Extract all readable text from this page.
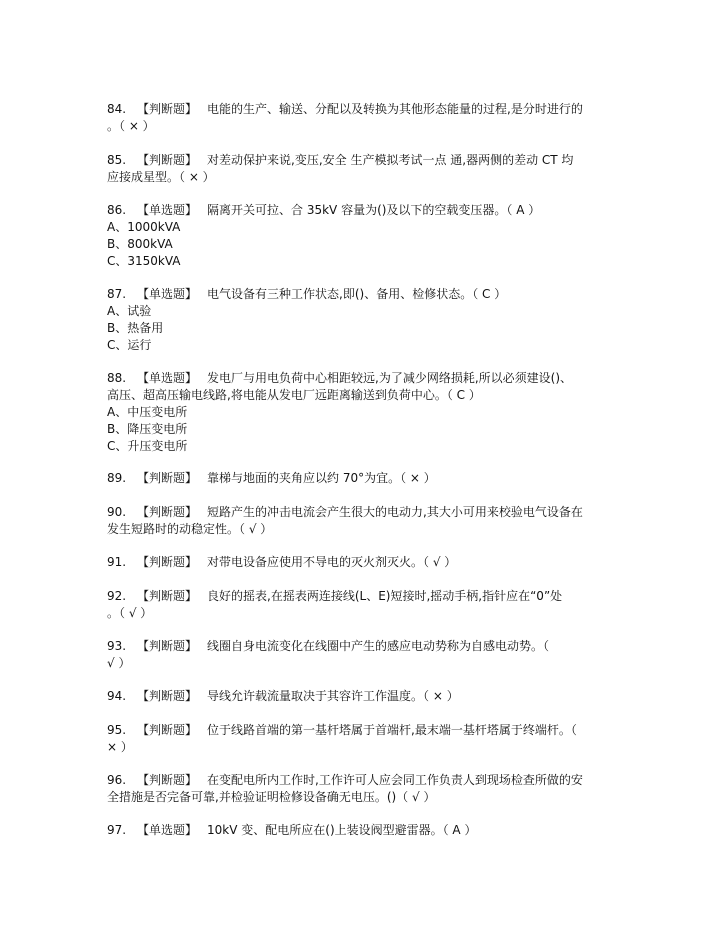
84. 【判断题】 电能的生产、输送、分配以及转换为其他形态能量的过程,是分时进行的
。（ × ）
85. 【判断题】 对差动保护来说,变压,安全 生产模拟考试一点 通,器两侧的差动 CT 均
应接成星型。（ × ）
86. 【单选题】 隔离开关可拉、合 35kV 容量为()及以下的空载变压器。（ A ）
A、1000kVA
B、800kVA
C、3150kVA
87. 【单选题】 电气设备有三种工作状态,即()、备用、检修状态。（ C ）
A、试验
B、热备用
C、运行
88. 【单选题】 发电厂与用电负荷中心相距较远,为了减少网络损耗,所以必须建设()、
高压、超高压输电线路,将电能从发电厂远距离输送到负荷中心。（ C ）
A、中压变电所
B、降压变电所
C、升压变电所
89. 【判断题】 靠梯与地面的夹角应以约 70°为宜。（ × ）
90. 【判断题】 短路产生的冲击电流会产生很大的电动力,其大小可用来校验电气设备在
发生短路时的动稳定性。（ √ ）
91. 【判断题】 对带电设备应使用不导电的灭火剂灭火。（ √ ）
92. 【判断题】 良好的摇表,在摇表两连接线(L、E)短接时,摇动手柄,指针应在“0”处
。（ √ ）
93. 【判断题】 线圈自身电流变化在线圈中产生的感应电动势称为自感电动势。（
√ ）
94. 【判断题】 导线允许载流量取决于其容许工作温度。（ × ）
95. 【判断题】 位于线路首端的第一基杆塔属于首端杆,最末端一基杆塔属于终端杆。（
× ）
96. 【判断题】 在变配电所内工作时,工作许可人应会同工作负责人到现场检查所做的安
全措施是否完备可靠,并检验证明检修设备确无电压。()（ √ ）
97. 【单选题】 10kV 变、配电所应在()上装设阀型避雷器。（ A ）
